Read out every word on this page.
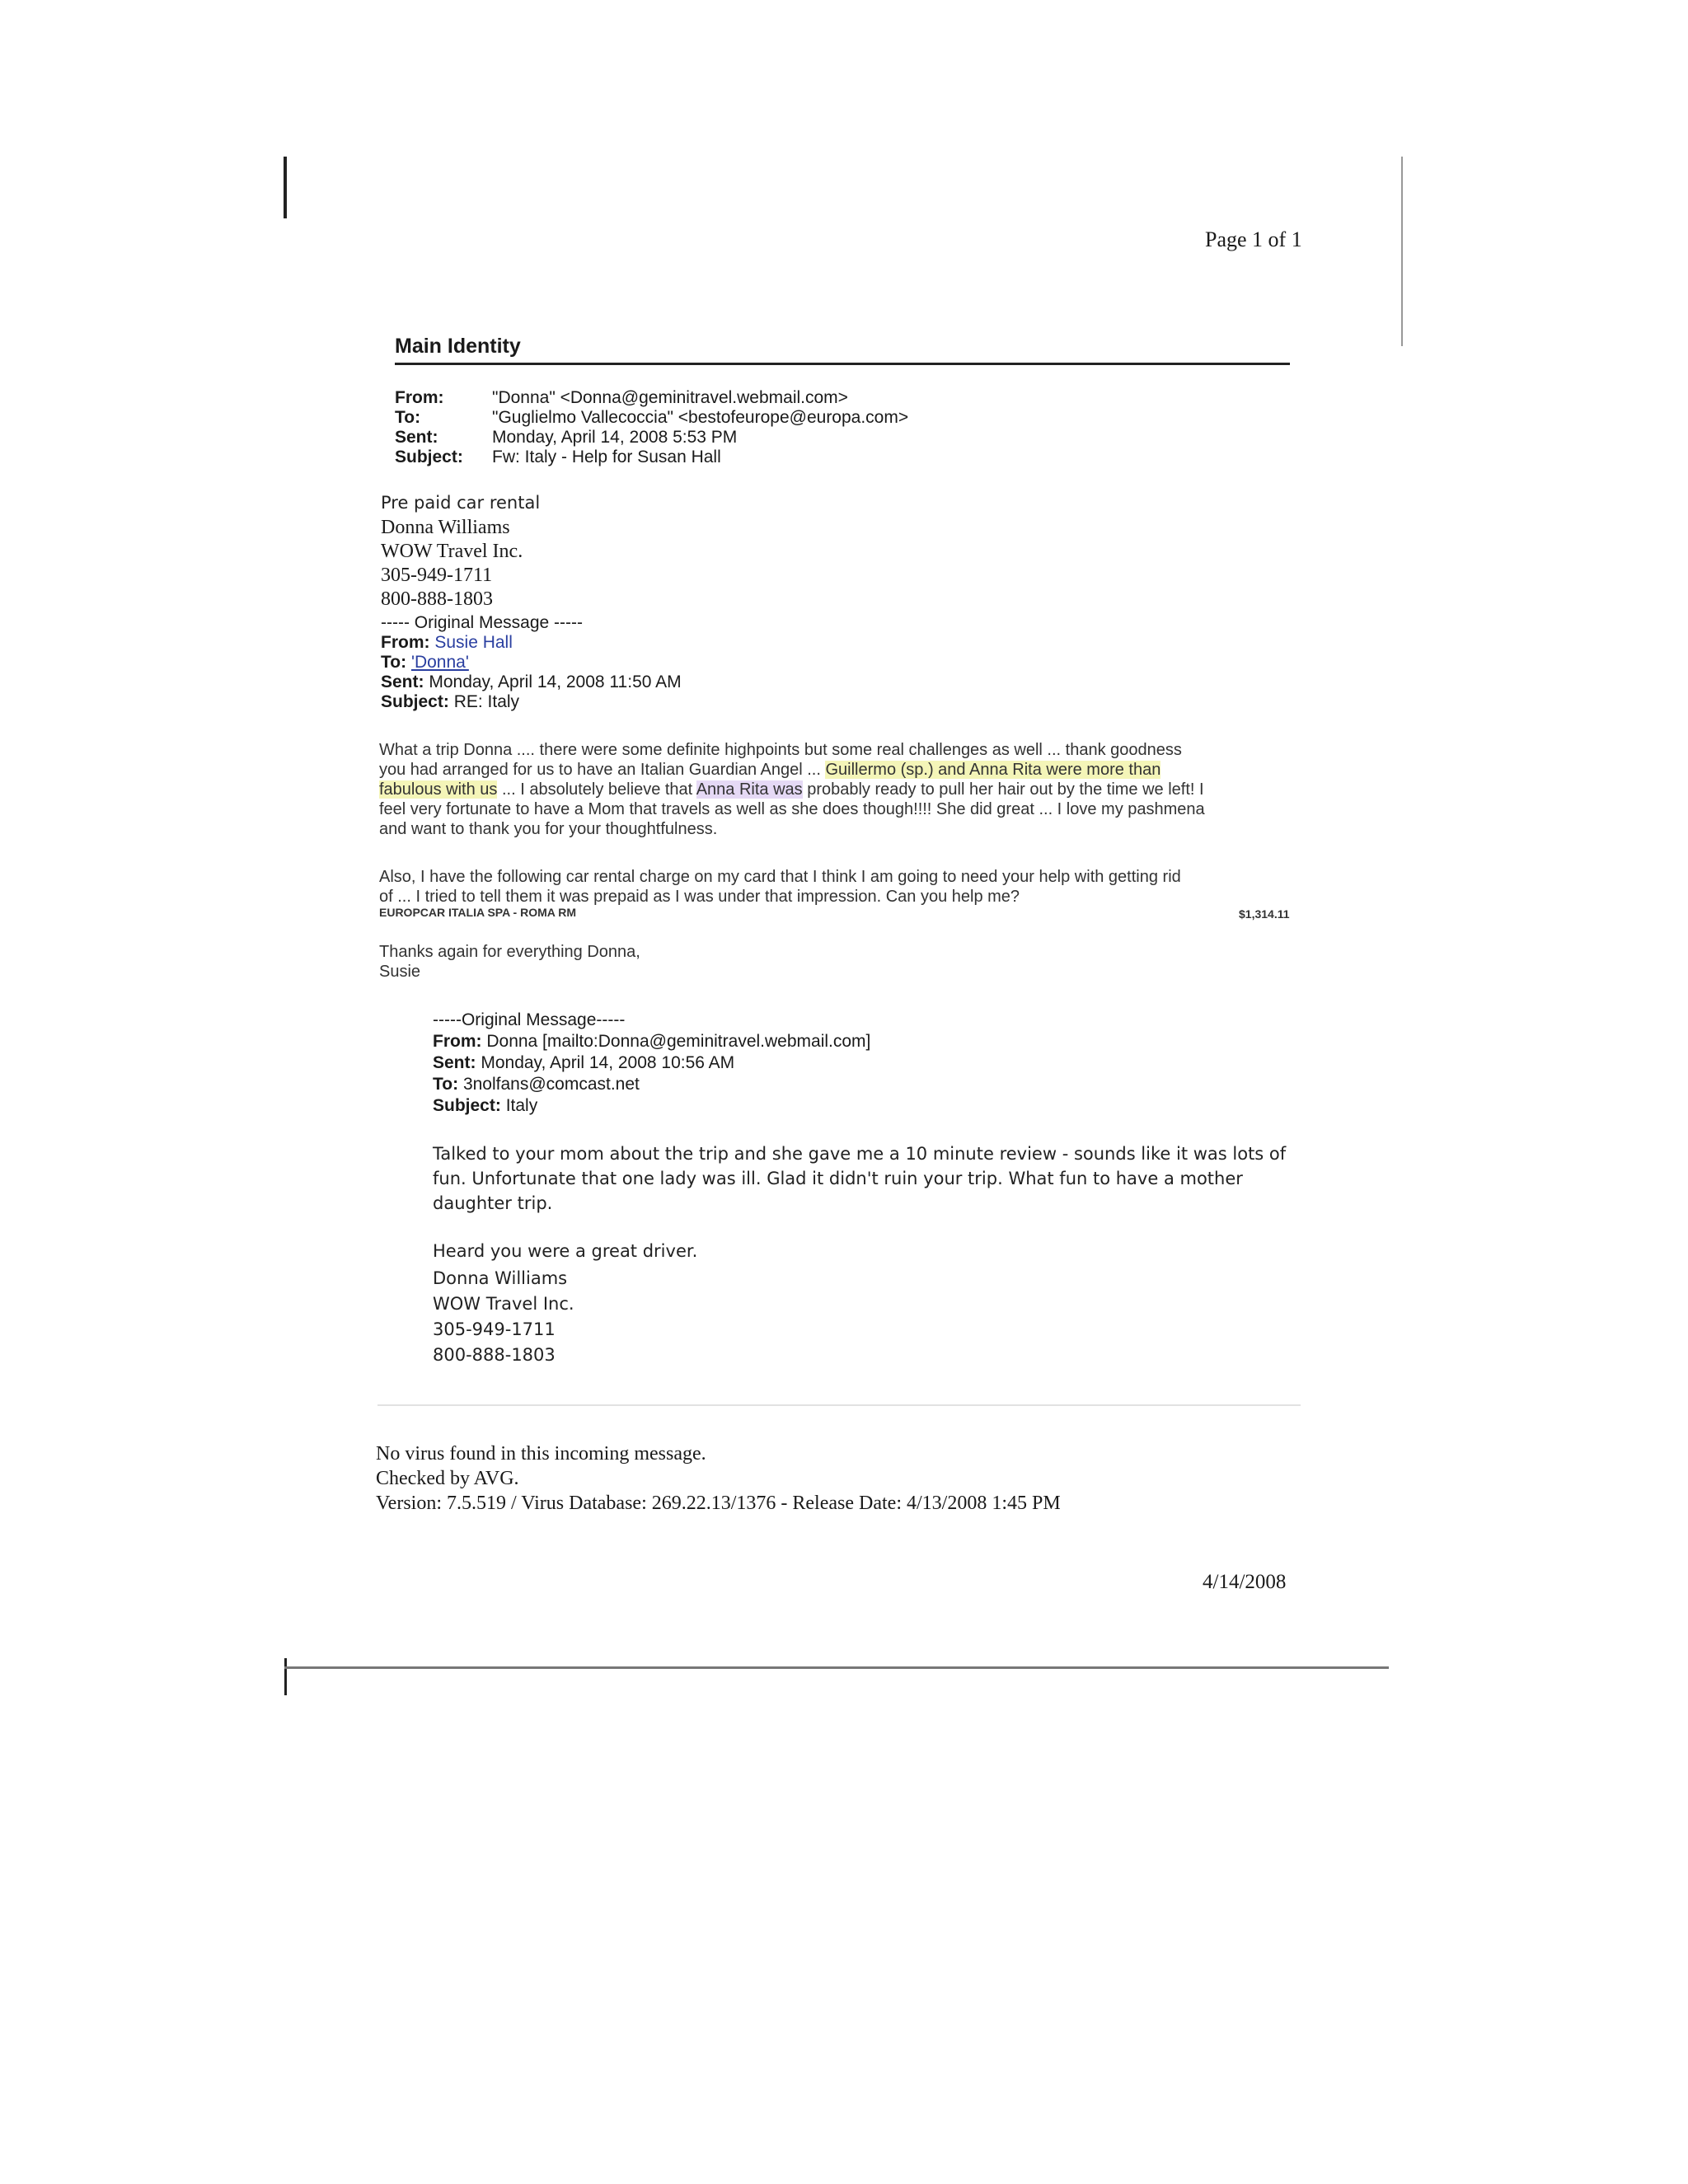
Page 1 of 1
Main Identity
From:	"Donna" <Donna@geminitravel.webmail.com>
To:	"Guglielmo Vallecoccia" <bestofeurope@europa.com>
Sent:	Monday, April 14, 2008 5:53 PM
Subject: Fw: Italy - Help for Susan Hall
Pre paid car rental
Donna Williams
WOW Travel Inc.
305-949-1711
800-888-1803
----- Original Message -----
From: Susie Hall
To: 'Donna'
Sent: Monday, April 14, 2008 11:50 AM
Subject: RE: Italy
What a trip Donna .... there were some definite highpoints but some real challenges as well ... thank goodness
you had arranged for us to have an Italian Guardian Angel ... Guillermo (sp.) and Anna Rita were more than
fabulous with us ... I absolutely believe that Anna Rita was probably ready to pull her hair out by the time we left! I
feel very fortunate to have a Mom that travels as well as she does though!!!! She did great ... I love my pashmena
and want to thank you for your thoughtfulness.
Also, I have the following car rental charge on my card that I think I am going to need your help with getting rid
of ... I tried to tell them it was prepaid as I was under that impression. Can you help me?
EUROPCAR ITALIA SPA - ROMA RM	$1,314.11
Thanks again for everything Donna,
Susie
-----Original Message-----
From: Donna [mailto:Donna@geminitravel.webmail.com]
Sent: Monday, April 14, 2008 10:56 AM
To: 3nolfans@comcast.net
Subject: Italy
Talked to your mom about the trip and she gave me a 10 minute review - sounds like it was lots of
fun. Unfortunate that one lady was ill. Glad it didn't ruin your trip. What fun to have a mother
daughter trip.
Heard you were a great driver.
Donna Williams
WOW Travel Inc.
305-949-1711
800-888-1803
No virus found in this incoming message.
Checked by AVG.
Version: 7.5.519 / Virus Database: 269.22.13/1376 - Release Date: 4/13/2008 1:45 PM
4/14/2008
